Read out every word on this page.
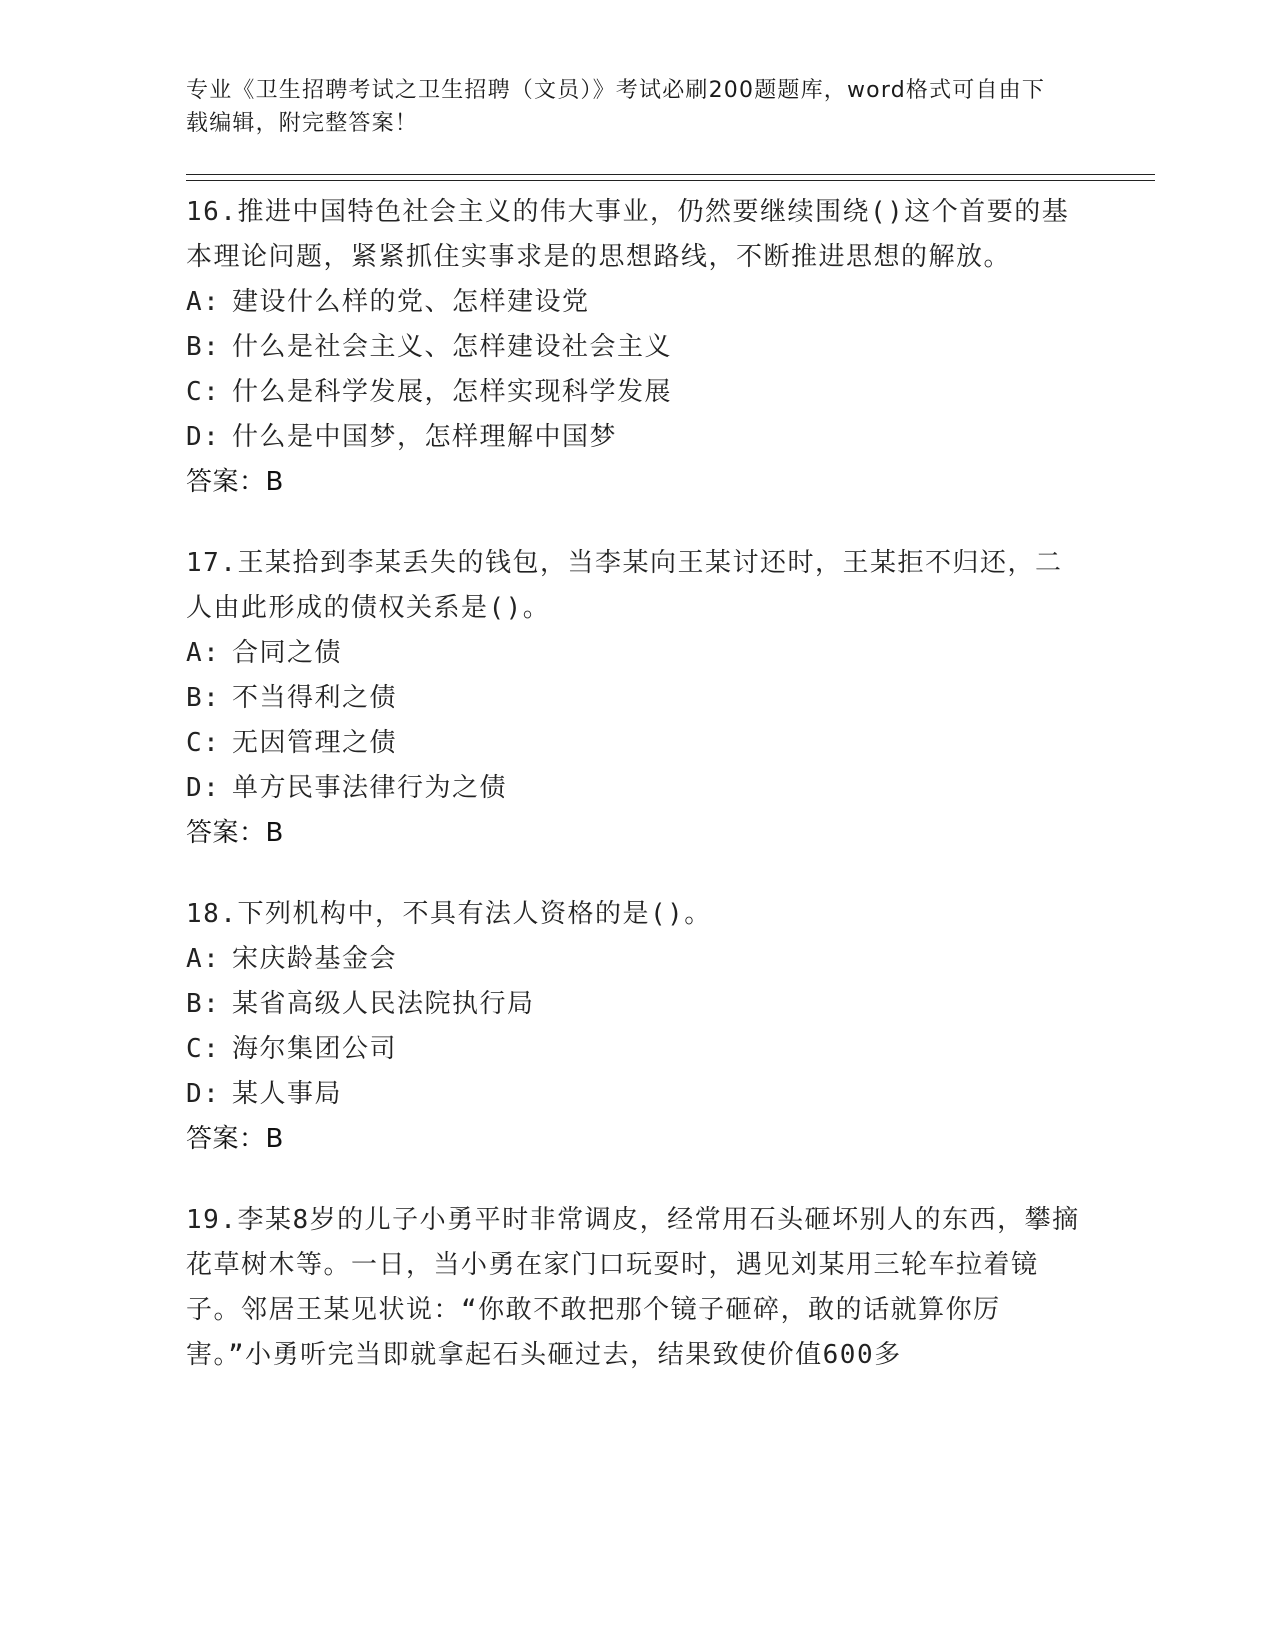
专业《卫生招聘考试之卫生招聘（文员）》考试必刷200题题库，word格式可自由下载编辑，附完整答案！

16.推进中国特色社会主义的伟大事业，仍然要继续围绕()这个首要的基本理论问题，紧紧抓住实事求是的思想路线，不断推进思想的解放。

A: 建设什么样的党、怎样建设党
B: 什么是社会主义、怎样建设社会主义
C: 什么是科学发展，怎样实现科学发展
D: 什么是中国梦，怎样理解中国梦
答案：B

17.王某拾到李某丢失的钱包，当李某向王某讨还时，王某拒不归还，二人由此形成的债权关系是()。

A: 合同之债
B: 不当得利之债
C: 无因管理之债
D: 单方民事法律行为之债
答案：B

18.下列机构中，不具有法人资格的是()。

A: 宋庆龄基金会
B: 某省高级人民法院执行局
C: 海尔集团公司
D: 某人事局
答案：B

19.李某8岁的儿子小勇平时非常调皮，经常用石头砸坏别人的东西，攀摘花草树木等。一日，当小勇在家门口玩耍时，遇见刘某用三轮车拉着镜子。邻居王某见状说：“你敢不敢把那个镜子砸碎，敢的话就算你厉害。”小勇听完当即就拿起石头砸过去，结果致使价值600多
